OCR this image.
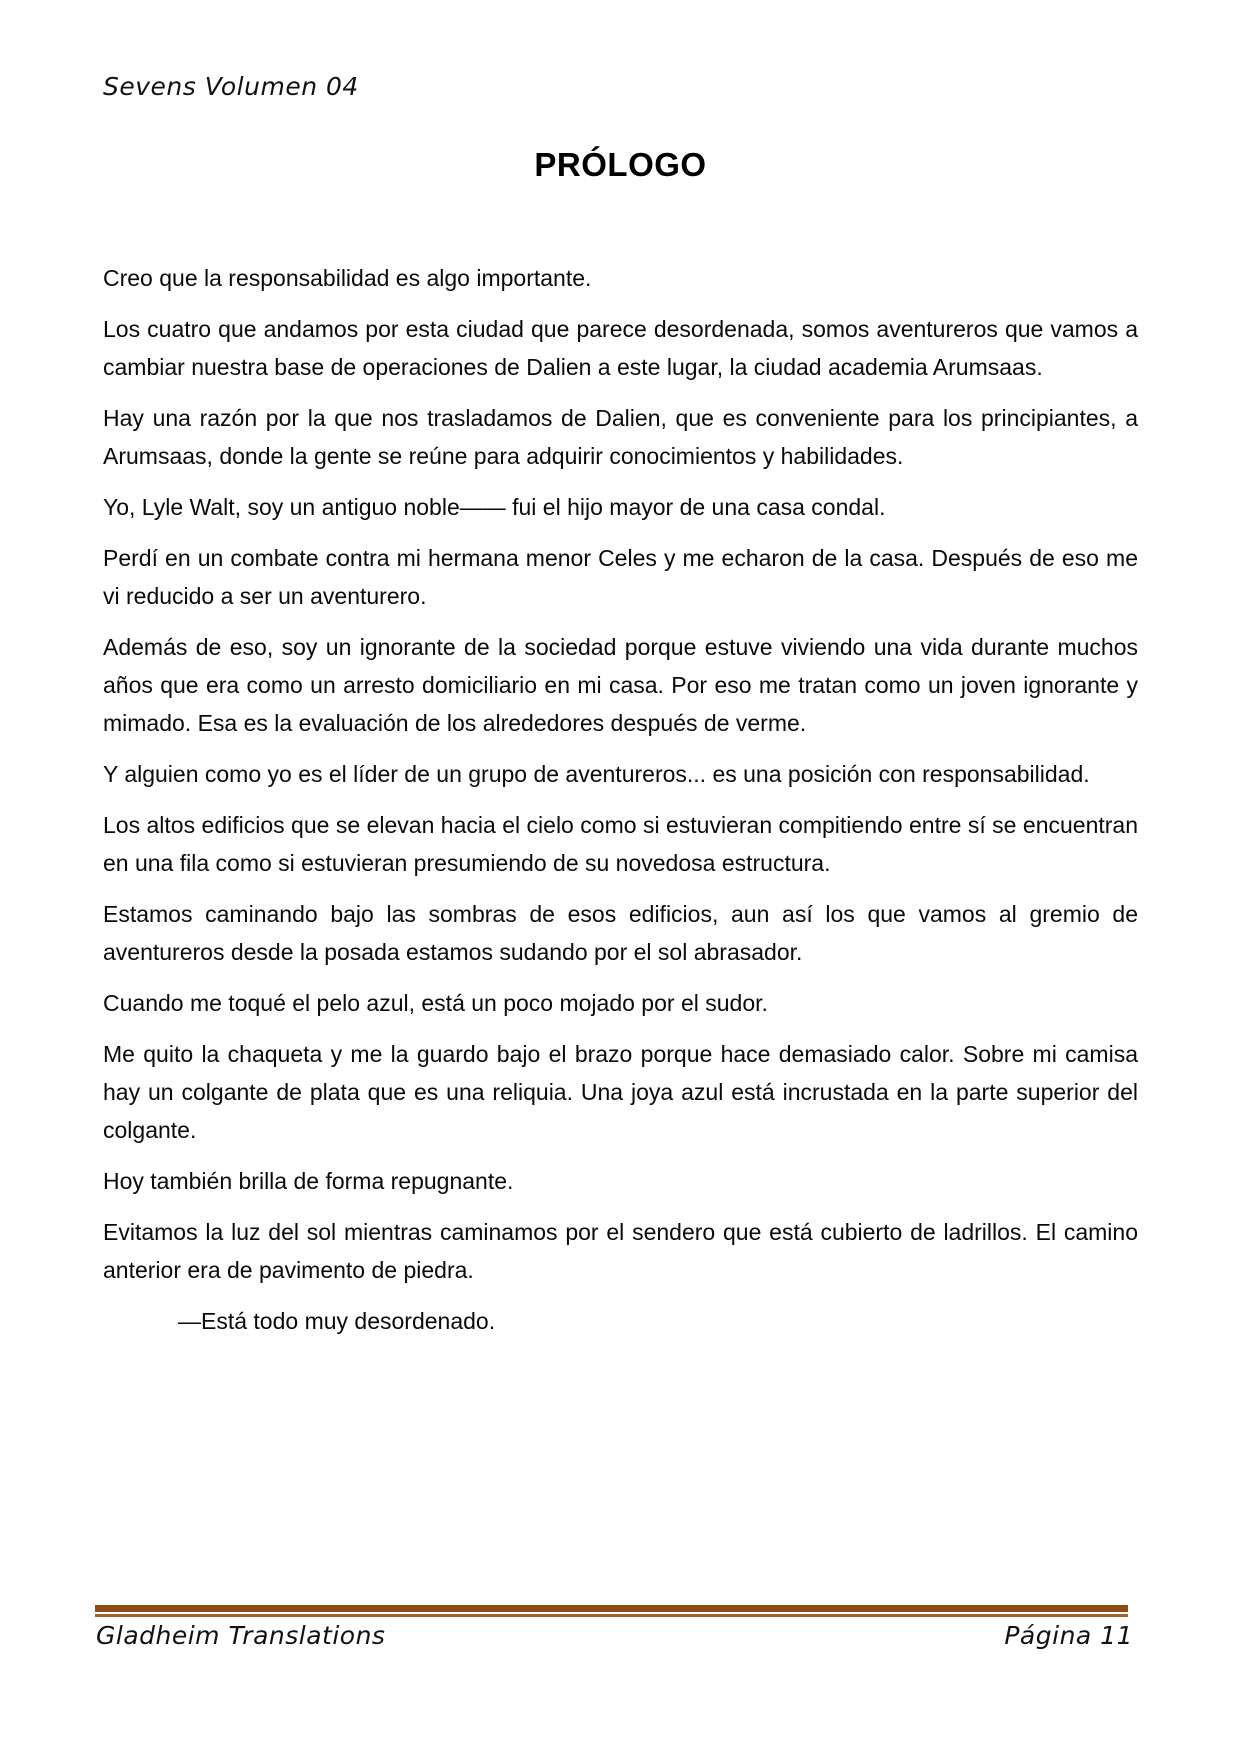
Sevens Volumen 04
PRÓLOGO

Creo que la responsabilidad es algo importante.

Los cuatro que andamos por esta ciudad que parece desordenada, somos aventureros que vamos a cambiar nuestra base de operaciones de Dalien a este lugar, la ciudad academia Arumsaas.

Hay una razón por la que nos trasladamos de Dalien, que es conveniente para los principiantes, a Arumsaas, donde la gente se reúne para adquirir conocimientos y habilidades.

Yo, Lyle Walt, soy un antiguo noble—— fui el hijo mayor de una casa condal.

Perdí en un combate contra mi hermana menor Celes y me echaron de la casa. Después de eso me vi reducido a ser un aventurero.

Además de eso, soy un ignorante de la sociedad porque estuve viviendo una vida durante muchos años que era como un arresto domiciliario en mi casa. Por eso me tratan como un joven ignorante y mimado. Esa es la evaluación de los alrededores después de verme.

Y alguien como yo es el líder de un grupo de aventureros... es una posición con responsabilidad.

Los altos edificios que se elevan hacia el cielo como si estuvieran compitiendo entre sí se encuentran en una fila como si estuvieran presumiendo de su novedosa estructura.

Estamos caminando bajo las sombras de esos edificios, aun así los que vamos al gremio de aventureros desde la posada estamos sudando por el sol abrasador.

Cuando me toqué el pelo azul, está un poco mojado por el sudor.

Me quito la chaqueta y me la guardo bajo el brazo porque hace demasiado calor. Sobre mi camisa hay un colgante de plata que es una reliquia. Una joya azul está incrustada en la parte superior del colgante.

Hoy también brilla de forma repugnante.

Evitamos la luz del sol mientras caminamos por el sendero que está cubierto de ladrillos. El camino anterior era de pavimento de piedra.

—Está todo muy desordenado.

Gladheim Translations	Página 11
